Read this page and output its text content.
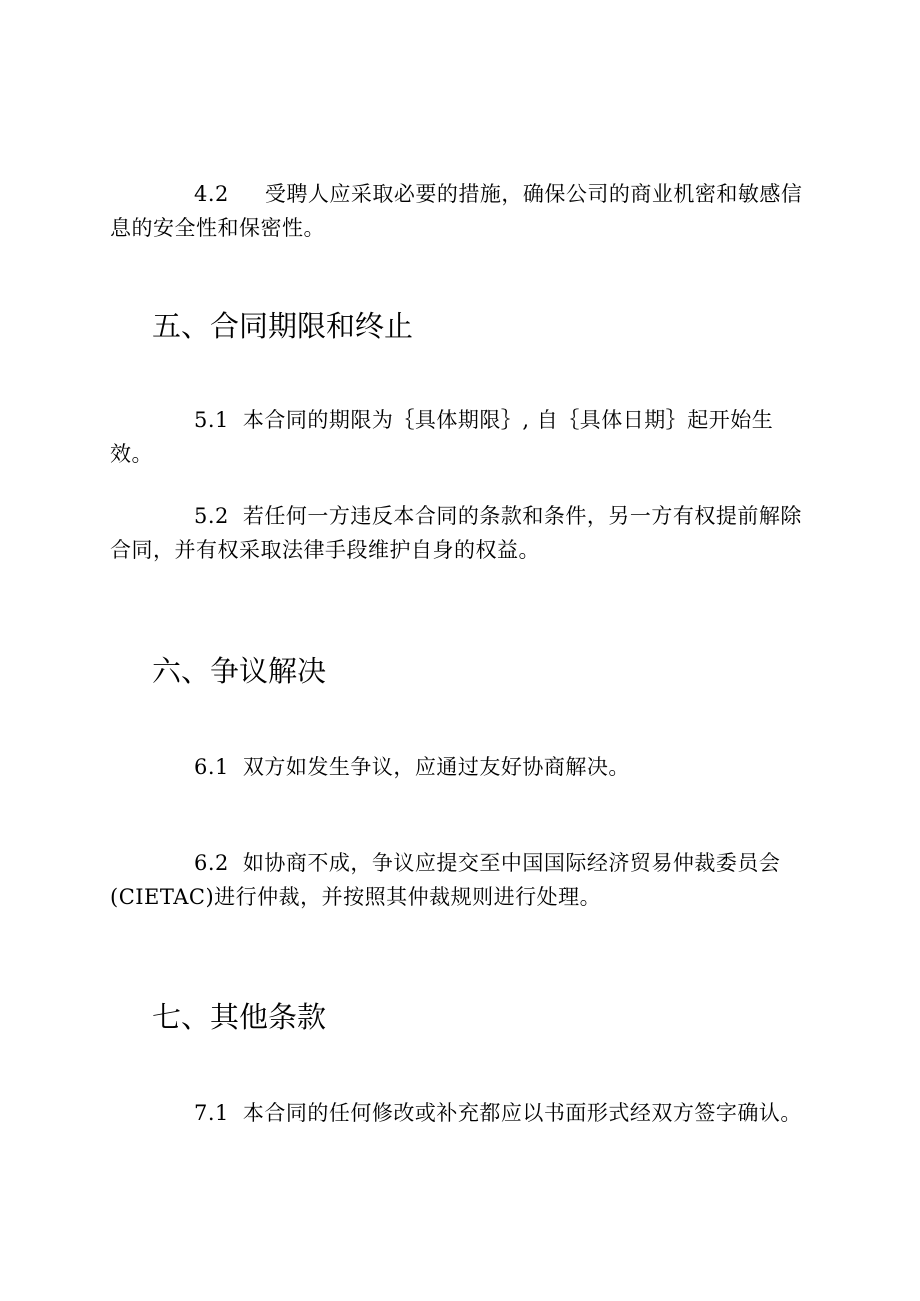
4.2 受聘人应采取必要的措施，确保公司的商业机密和敏感信息的安全性和保密性。

五、合同期限和终止

5.1 本合同的期限为｛具体期限｝, 自｛具体日期｝起开始生效。

5.2 若任何一方违反本合同的条款和条件，另一方有权提前解除合同，并有权采取法律手段维护自身的权益。

六、争议解决

6.1 双方如发生争议，应通过友好协商解决。

6.2 如协商不成，争议应提交至中国国际经济贸易仲裁委员会 (CIETAC)进行仲裁，并按照其仲裁规则进行处理。

七、其他条款

7.1 本合同的任何修改或补充都应以书面形式经双方签字确认。
